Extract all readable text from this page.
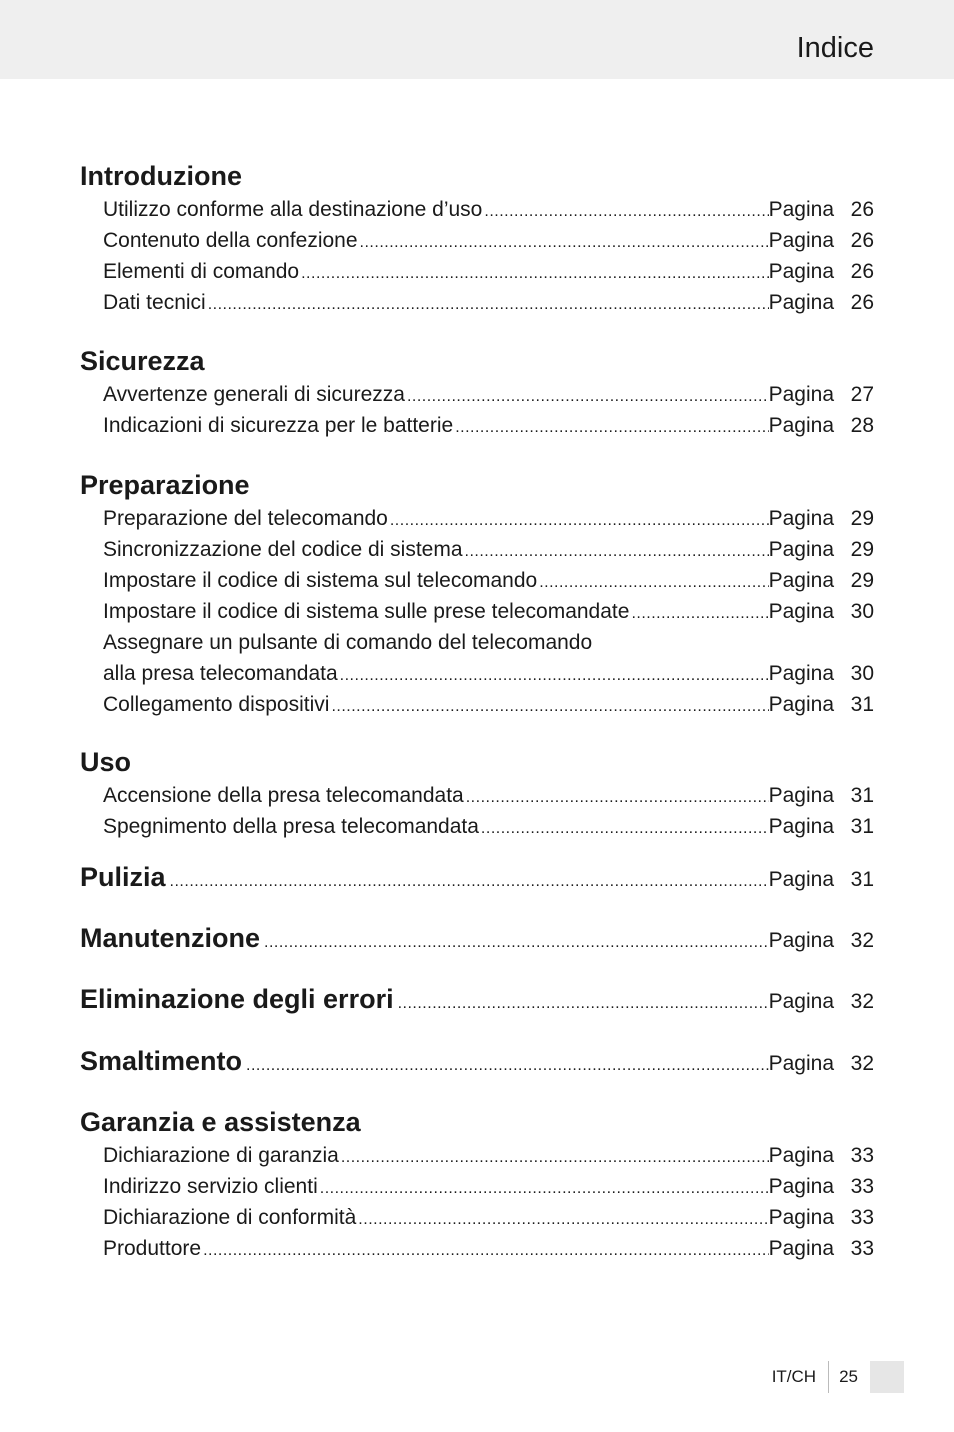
Indice
Introduzione
Utilizzo conforme alla destinazione d’uso .....	Pagina 26
Contenuto della confezione .....	Pagina 26
Elementi di comando .....	Pagina 26
Dati tecnici .....	Pagina 26
Sicurezza
Avvertenze generali di sicurezza .....	Pagina 27
Indicazioni di sicurezza per le batterie .....	Pagina 28
Preparazione
Preparazione del telecomando .....	Pagina 29
Sincronizzazione del codice di sistema .....	Pagina 29
Impostare il codice di sistema sul telecomando .....	Pagina 29
Impostare il codice di sistema sulle prese telecomandate .....	Pagina 30
Assegnare un pulsante di comando del telecomando
alla presa telecomandata .....	Pagina 30
Collegamento dispositivi .....	Pagina 31
Uso
Accensione della presa telecomandata .....	Pagina 31
Spegnimento della presa telecomandata .....	Pagina 31
Pulizia .....	Pagina 31
Manutenzione .....	Pagina 32
Eliminazione degli errori .....	Pagina 32
Smaltimento .....	Pagina 32
Garanzia e assistenza
Dichiarazione di garanzia .....	Pagina 33
Indirizzo servizio clienti .....	Pagina 33
Dichiarazione di conformità .....	Pagina 33
Produttore .....	Pagina 33
IT/CH	25
